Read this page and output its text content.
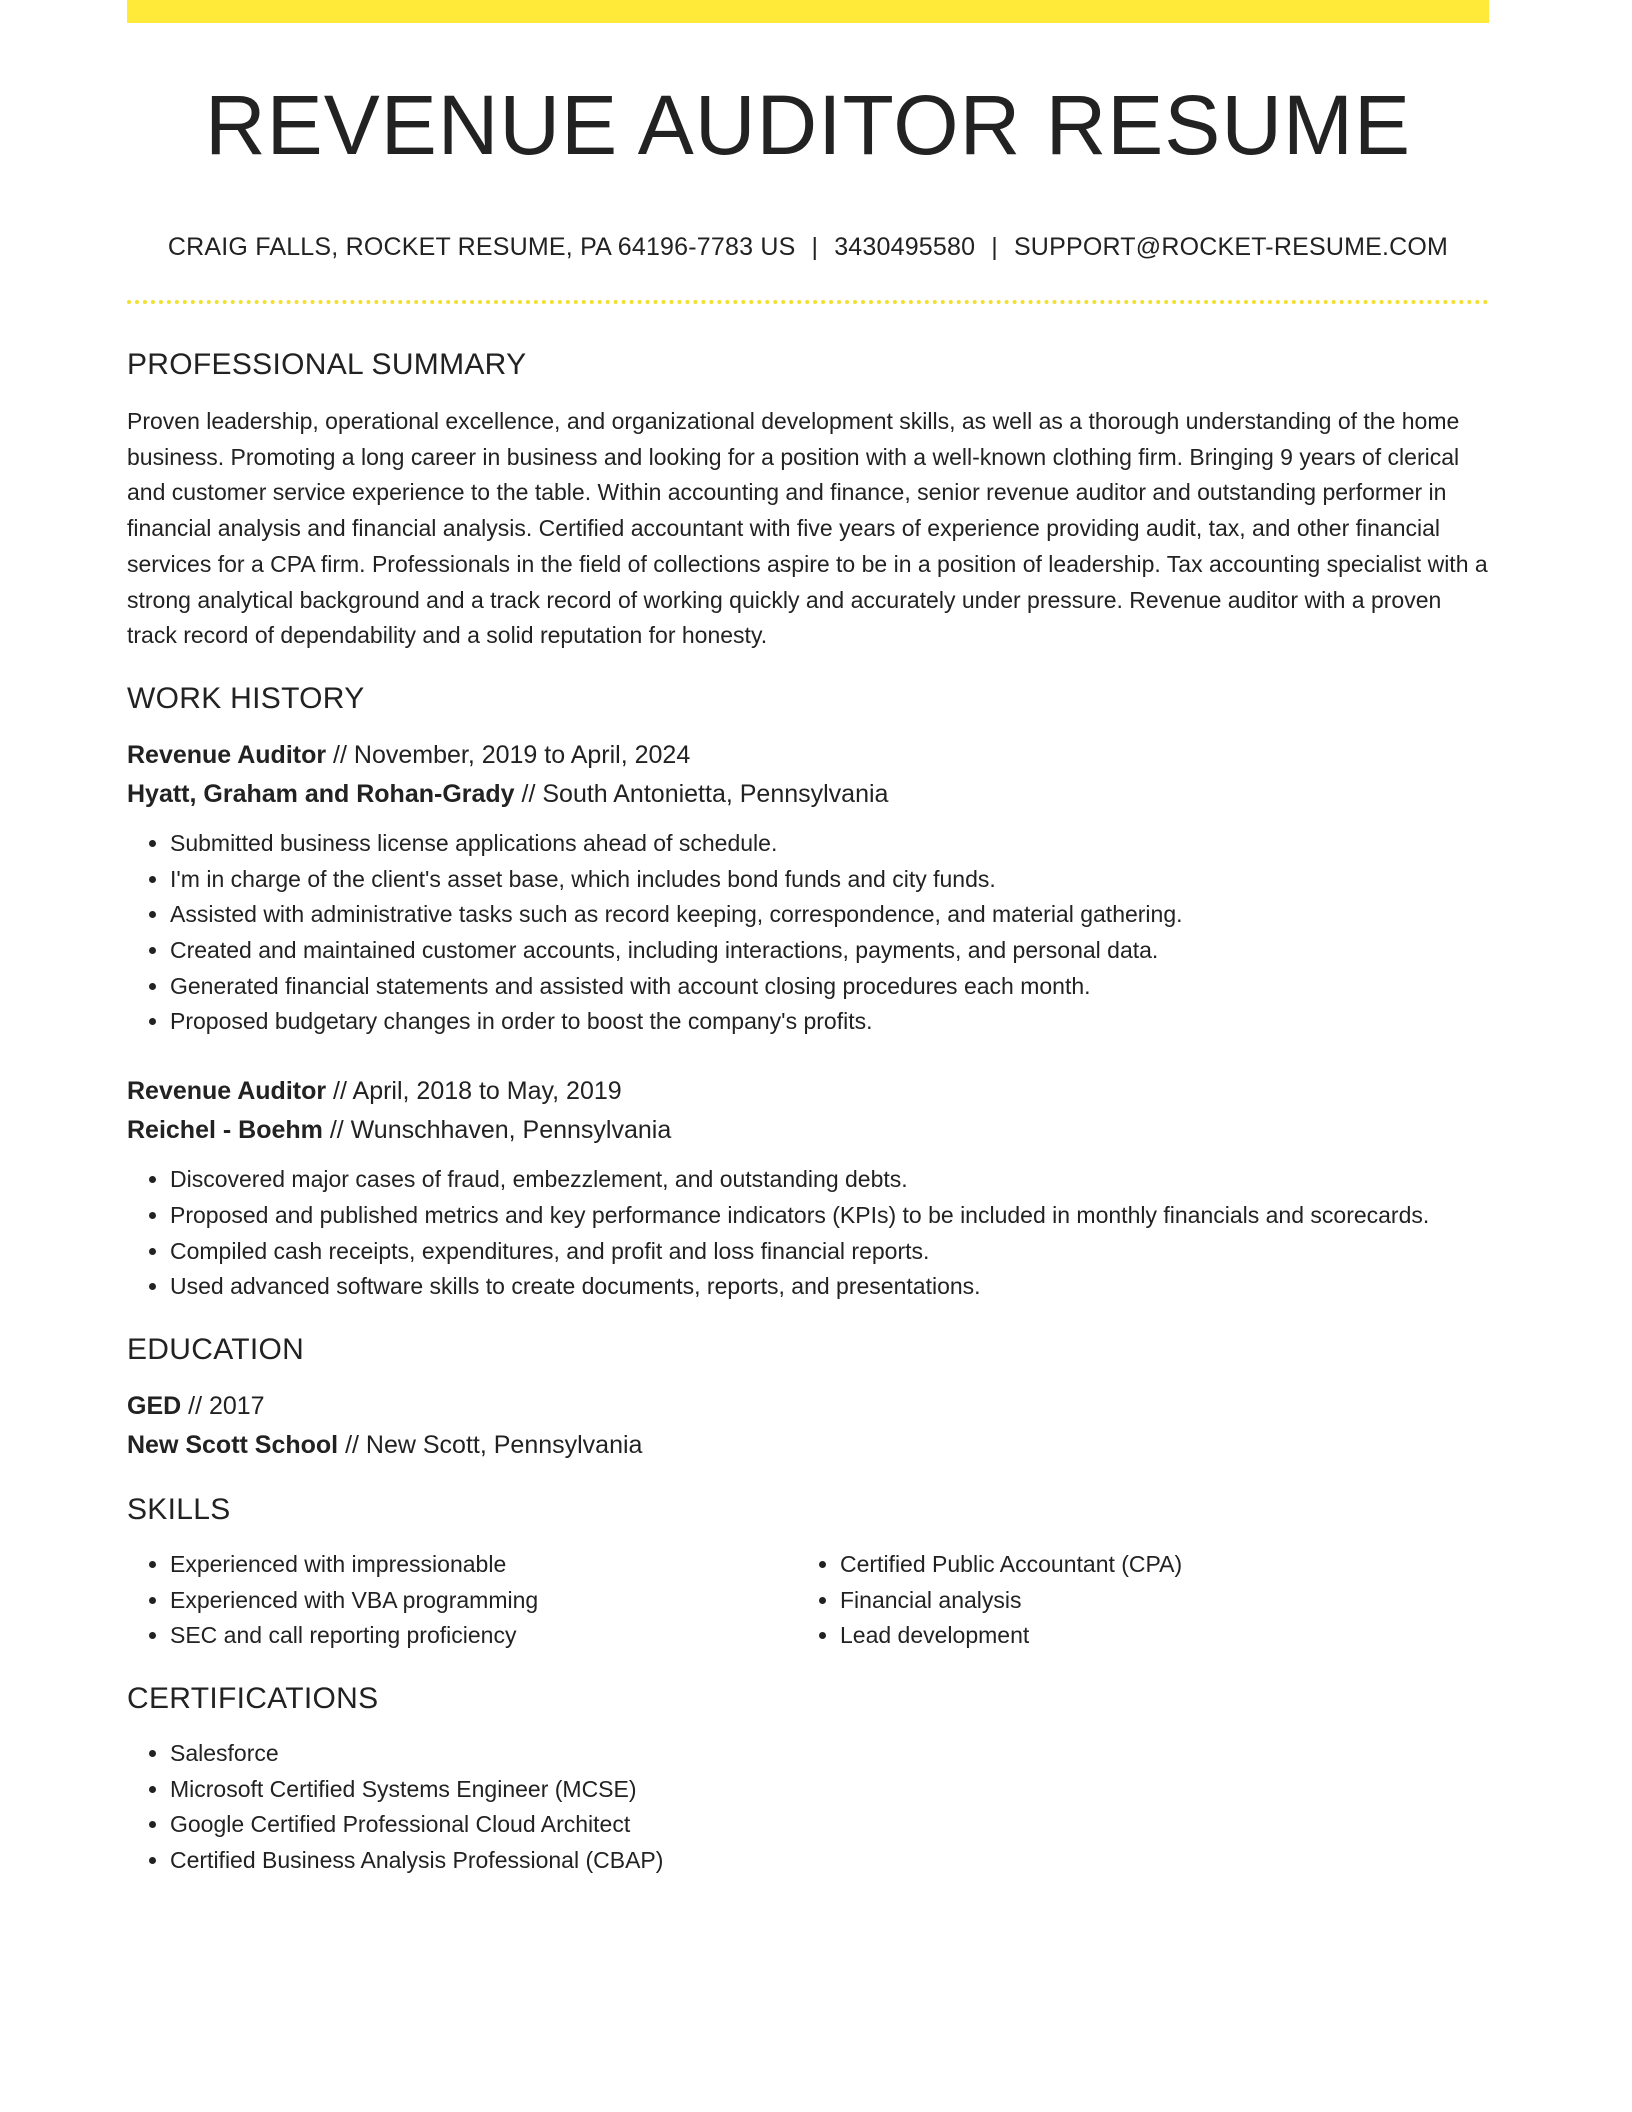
REVENUE AUDITOR RESUME
CRAIG FALLS, ROCKET RESUME, PA 64196-7783 US | 3430495580 | SUPPORT@ROCKET-RESUME.COM
PROFESSIONAL SUMMARY
Proven leadership, operational excellence, and organizational development skills, as well as a thorough understanding of the home business. Promoting a long career in business and looking for a position with a well-known clothing firm. Bringing 9 years of clerical and customer service experience to the table. Within accounting and finance, senior revenue auditor and outstanding performer in financial analysis and financial analysis. Certified accountant with five years of experience providing audit, tax, and other financial services for a CPA firm. Professionals in the field of collections aspire to be in a position of leadership. Tax accounting specialist with a strong analytical background and a track record of working quickly and accurately under pressure. Revenue auditor with a proven track record of dependability and a solid reputation for honesty.
WORK HISTORY
Revenue Auditor // November, 2019 to April, 2024
Hyatt, Graham and Rohan-Grady // South Antonietta, Pennsylvania
• Submitted business license applications ahead of schedule.
• I'm in charge of the client's asset base, which includes bond funds and city funds.
• Assisted with administrative tasks such as record keeping, correspondence, and material gathering.
• Created and maintained customer accounts, including interactions, payments, and personal data.
• Generated financial statements and assisted with account closing procedures each month.
• Proposed budgetary changes in order to boost the company's profits.
Revenue Auditor // April, 2018 to May, 2019
Reichel - Boehm // Wunschhaven, Pennsylvania
• Discovered major cases of fraud, embezzlement, and outstanding debts.
• Proposed and published metrics and key performance indicators (KPIs) to be included in monthly financials and scorecards.
• Compiled cash receipts, expenditures, and profit and loss financial reports.
• Used advanced software skills to create documents, reports, and presentations.
EDUCATION
GED // 2017
New Scott School // New Scott, Pennsylvania
SKILLS
• Experienced with impressionable
• Experienced with VBA programming
• SEC and call reporting proficiency
• Certified Public Accountant (CPA)
• Financial analysis
• Lead development
CERTIFICATIONS
• Salesforce
• Microsoft Certified Systems Engineer (MCSE)
• Google Certified Professional Cloud Architect
• Certified Business Analysis Professional (CBAP)
